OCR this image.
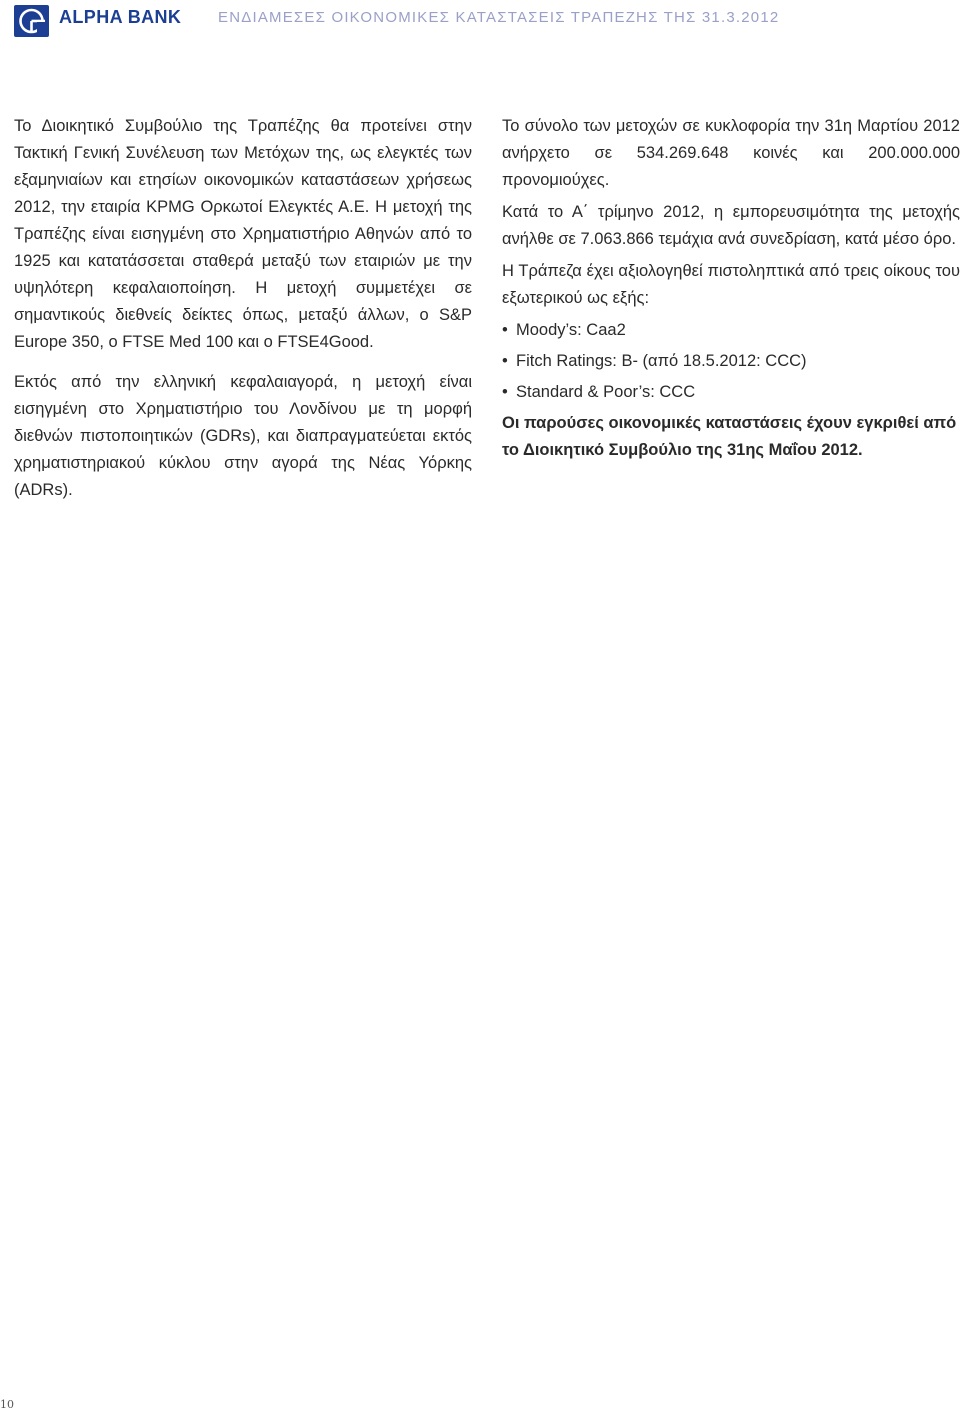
ALPHA BANK ΕΝΔΙΑΜΕΣΕΣ ΟΙΚΟΝΟΜΙΚΕΣ ΚΑΤΑΣΤΑΣΕΙΣ ΤΡΑΠΕΖΗΣ ΤΗΣ 31.3.2012

Το Διοικητικό Συμβούλιο της Τραπέζης θα προτείνει στην Τακτική Γενική Συνέλευση των Μετόχων της, ως ελεγκτές των εξαμηνιαίων και ετησίων οικονομικών καταστάσεων χρήσεως 2012, την εταιρία KPMG Ορκωτοί Ελεγκτές Α.Ε. Η μετοχή της Τραπέζης είναι εισηγμένη στο Χρηματιστήριο Αθηνών από το 1925 και κατατάσσεται σταθερά μεταξύ των εταιριών με την υψηλότερη κεφαλαιοποίηση. Η μετοχή συμμετέχει σε σημαντικούς διεθνείς δείκτες όπως, μεταξύ άλλων, ο S&P Europe 350, ο FTSE Med 100 και ο FTSE4Good.

Εκτός από την ελληνική κεφαλαιαγορά, η μετοχή είναι εισηγμένη στο Χρηματιστήριο του Λονδίνου με τη μορφή διεθνών πιστοποιητικών (GDRs), και διαπραγματεύεται εκτός χρηματιστηριακού κύκλου στην αγορά της Νέας Υόρκης (ADRs).

Το σύνολο των μετοχών σε κυκλοφορία την 31η Μαρτίου 2012 ανήρχετο σε 534.269.648 κοινές και 200.000.000 προνομιούχες.

Κατά το Α΄ τρίμηνο 2012, η εμπορευσιμότητα της μετοχής ανήλθε σε 7.063.866 τεμάχια ανά συνεδρίαση, κατά μέσο όρο.

Η Τράπεζα έχει αξιολογηθεί πιστοληπτικά από τρεις οίκους του εξωτερικού ως εξής:

• Moody’s: Caa2
• Fitch Ratings: B- (από 18.5.2012: CCC)
• Standard & Poor’s: CCC

Οι παρούσες οικονομικές καταστάσεις έχουν εγκριθεί από το Διοικητικό Συμβούλιο της 31ης Μαΐου 2012.

10
